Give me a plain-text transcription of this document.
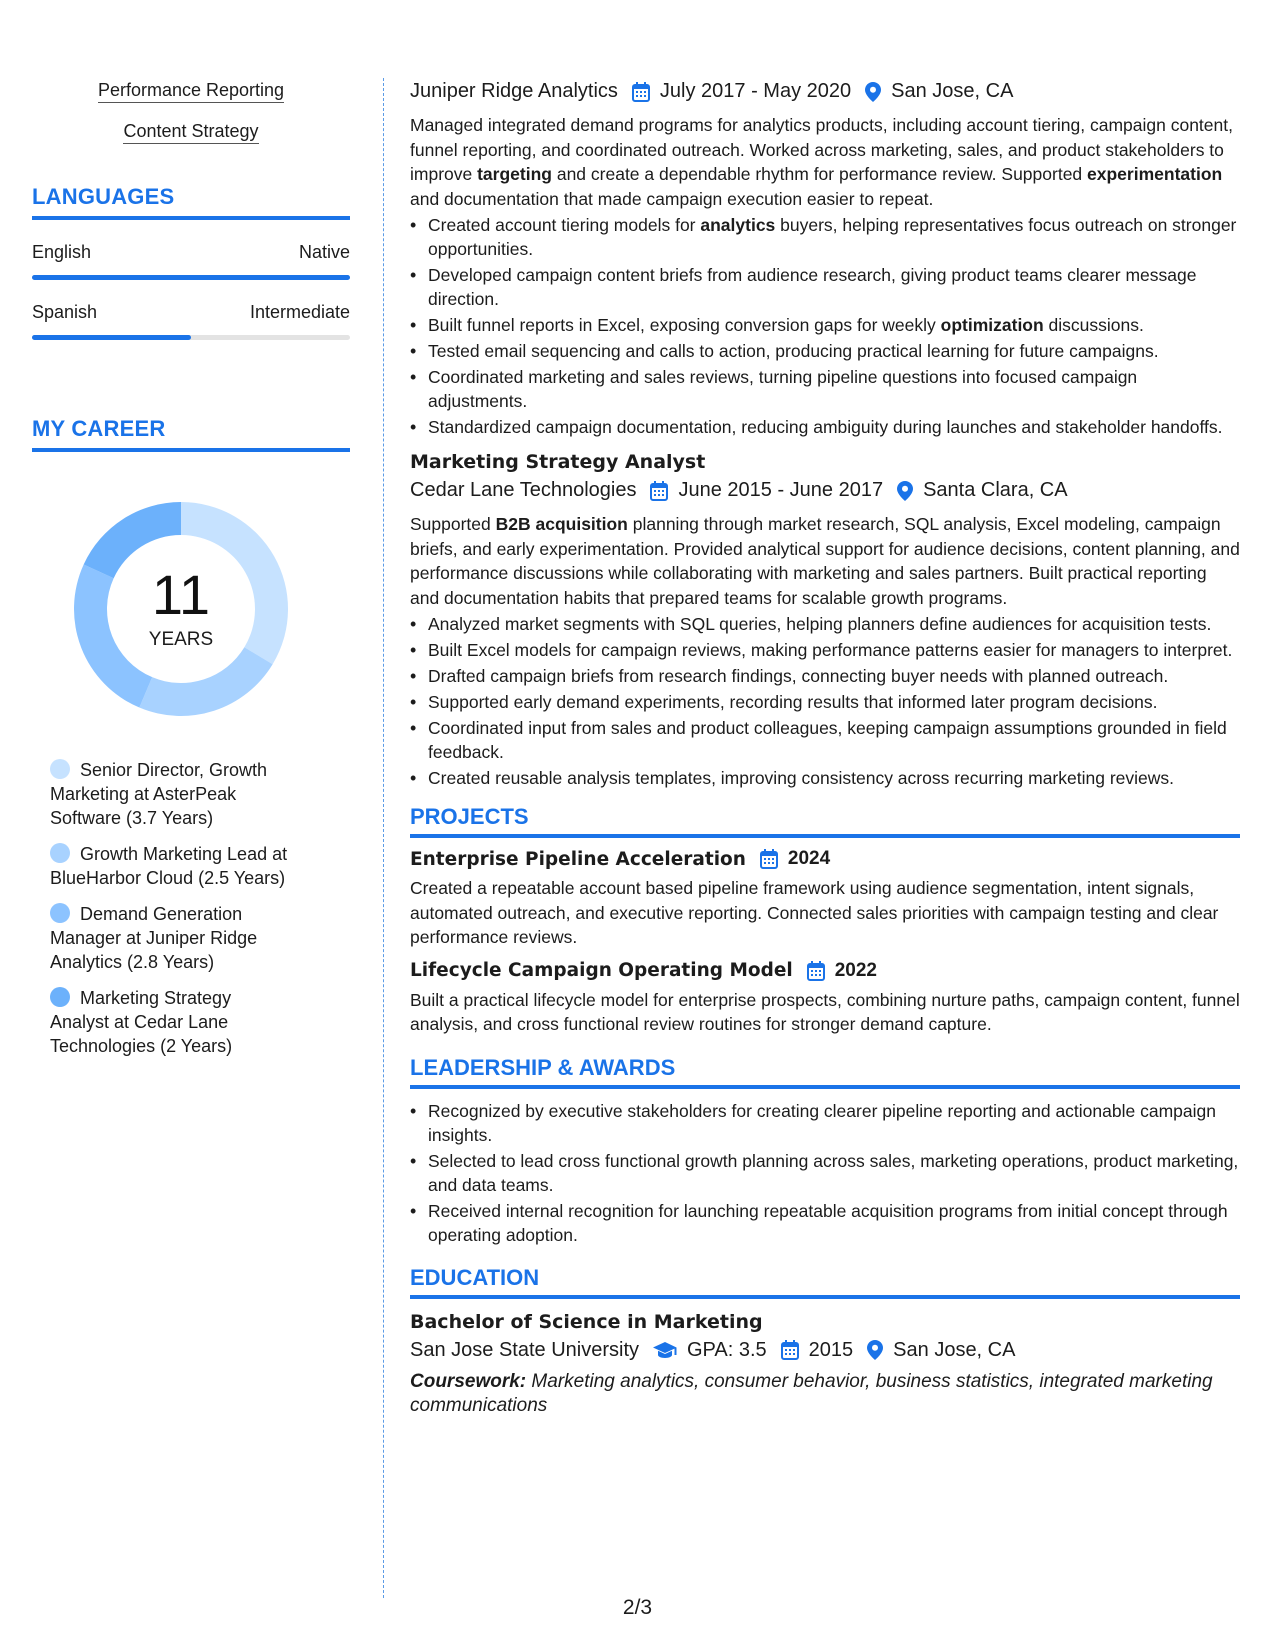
Performance Reporting
Content Strategy
LANGUAGES
English	Native
Spanish	Intermediate
MY CAREER
11
YEARS
Senior Director, Growth Marketing at AsterPeak Software (3.7 Years)
Growth Marketing Lead at BlueHarbor Cloud (2.5 Years)
Demand Generation Manager at Juniper Ridge Analytics (2.8 Years)
Marketing Strategy Analyst at Cedar Lane Technologies (2 Years)
Juniper Ridge Analytics July 2017 - May 2020 San Jose, CA
Managed integrated demand programs for analytics products, including account tiering, campaign content, funnel reporting, and coordinated outreach. Worked across marketing, sales, and product stakeholders to improve targeting and create a dependable rhythm for performance review. Supported experimentation and documentation that made campaign execution easier to repeat.
• Created account tiering models for analytics buyers, helping representatives focus outreach on stronger opportunities.
• Developed campaign content briefs from audience research, giving product teams clearer message direction.
• Built funnel reports in Excel, exposing conversion gaps for weekly optimization discussions.
• Tested email sequencing and calls to action, producing practical learning for future campaigns.
• Coordinated marketing and sales reviews, turning pipeline questions into focused campaign adjustments.
• Standardized campaign documentation, reducing ambiguity during launches and stakeholder handoffs.
Marketing Strategy Analyst
Cedar Lane Technologies June 2015 - June 2017 Santa Clara, CA
Supported B2B acquisition planning through market research, SQL analysis, Excel modeling, campaign briefs, and early experimentation. Provided analytical support for audience decisions, content planning, and performance discussions while collaborating with marketing and sales partners. Built practical reporting and documentation habits that prepared teams for scalable growth programs.
• Analyzed market segments with SQL queries, helping planners define audiences for acquisition tests.
• Built Excel models for campaign reviews, making performance patterns easier for managers to interpret.
• Drafted campaign briefs from research findings, connecting buyer needs with planned outreach.
• Supported early demand experiments, recording results that informed later program decisions.
• Coordinated input from sales and product colleagues, keeping campaign assumptions grounded in field feedback.
• Created reusable analysis templates, improving consistency across recurring marketing reviews.
PROJECTS
Enterprise Pipeline Acceleration 2024
Created a repeatable account based pipeline framework using audience segmentation, intent signals, automated outreach, and executive reporting. Connected sales priorities with campaign testing and clear performance reviews.
Lifecycle Campaign Operating Model 2022
Built a practical lifecycle model for enterprise prospects, combining nurture paths, campaign content, funnel analysis, and cross functional review routines for stronger demand capture.
LEADERSHIP & AWARDS
• Recognized by executive stakeholders for creating clearer pipeline reporting and actionable campaign insights.
• Selected to lead cross functional growth planning across sales, marketing operations, product marketing, and data teams.
• Received internal recognition for launching repeatable acquisition programs from initial concept through operating adoption.
EDUCATION
Bachelor of Science in Marketing
San Jose State University GPA: 3.5 2015 San Jose, CA
Coursework: Marketing analytics, consumer behavior, business statistics, integrated marketing communications
2/3
